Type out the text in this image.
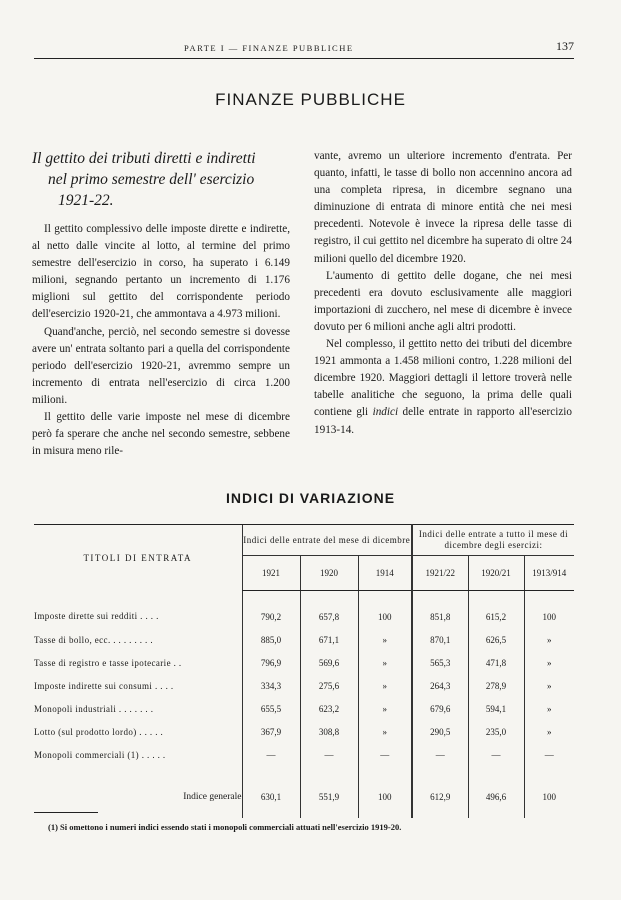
PARTE I — FINANZE PUBBLICHE	137
FINANZE PUBBLICHE
Il gettito dei tributi diretti e indiretti
nel primo semestre dell' esercizio
1921-22.

Il gettito complessivo delle imposte dirette e indirette, al netto dalle vincite al lotto, al termine del primo semestre dell'esercizio in corso, ha superato i 6.149 milioni, segnando pertanto un incremento di 1.176 miglioni sul gettito del corrispondente periodo dell'esercizio 1920-21, che ammontava a 4.973 milioni.

Quand'anche, perciò, nel secondo semestre si dovesse avere un' entrata soltanto pari a quella del corrispondente periodo dell'esercizio 1920-21, avremmo sempre un incremento di entrata nell'esercizio di circa 1.200 milioni.

Il gettito delle varie imposte nel mese di dicembre però fa sperare che anche nel secondo semestre, sebbene in misura meno rile-

vante, avremo un ulteriore incremento d'entrata. Per quanto, infatti, le tasse di bollo non accennino ancora ad una completa ripresa, in dicembre segnano una diminuzione di entrata di minore entità che nei mesi precedenti. Notevole è invece la ripresa delle tasse di registro, il cui gettito nel dicembre ha superato di oltre 24 milioni quello del dicembre 1920.

L'aumento di gettito delle dogane, che nei mesi precedenti era dovuto esclusivamente alle maggiori importazioni di zucchero, nel mese di dicembre è invece dovuto per 6 milioni anche agli altri prodotti.

Nel complesso, il gettito netto dei tributi del dicembre 1921 ammonta a 1.458 milioni contro, 1.228 milioni del dicembre 1920. Maggiori dettagli il lettore troverà nelle tabelle analitiche che seguono, la prima delle quali contiene gli indici delle entrate in rapporto all'esercizio 1913-14.

INDICI DI VARIAZIONE
TITOLI DI ENTRATA	Indici delle entrate del mese di dicembre			Indici delle entrate a tutto il mese di dicembre degli esercizi:		
	1921	1920	1914	1921/22	1920/21	1913/914
Imposte dirette sui redditi . . . .	790,2	657,8	100	851,8	615,2	100
Tasse di bollo, ecc. . . . . . . . .	885,0	671,1	»	870,1	626,5	»
Tasse di registro e tasse ipotecarie . .	796,9	569,6	»	565,3	471,8	»
Imposte indirette sui consumi . . . .	334,3	275,6	»	264,3	278,9	»
Monopoli industriali . . . . . . .	655,5	623,2	»	679,6	594,1	»
Lotto (sul prodotto lordo) . . . . .	367,9	308,8	»	290,5	235,0	»
Monopoli commerciali (1) . . . . .	—	—	—	—	—	—
Indice generale	630,1	551,9	100	612,9	496,6	100
(1) Si omettono i numeri indici essendo stati i monopoli commerciali attuati nell'esercizio 1919-20.
